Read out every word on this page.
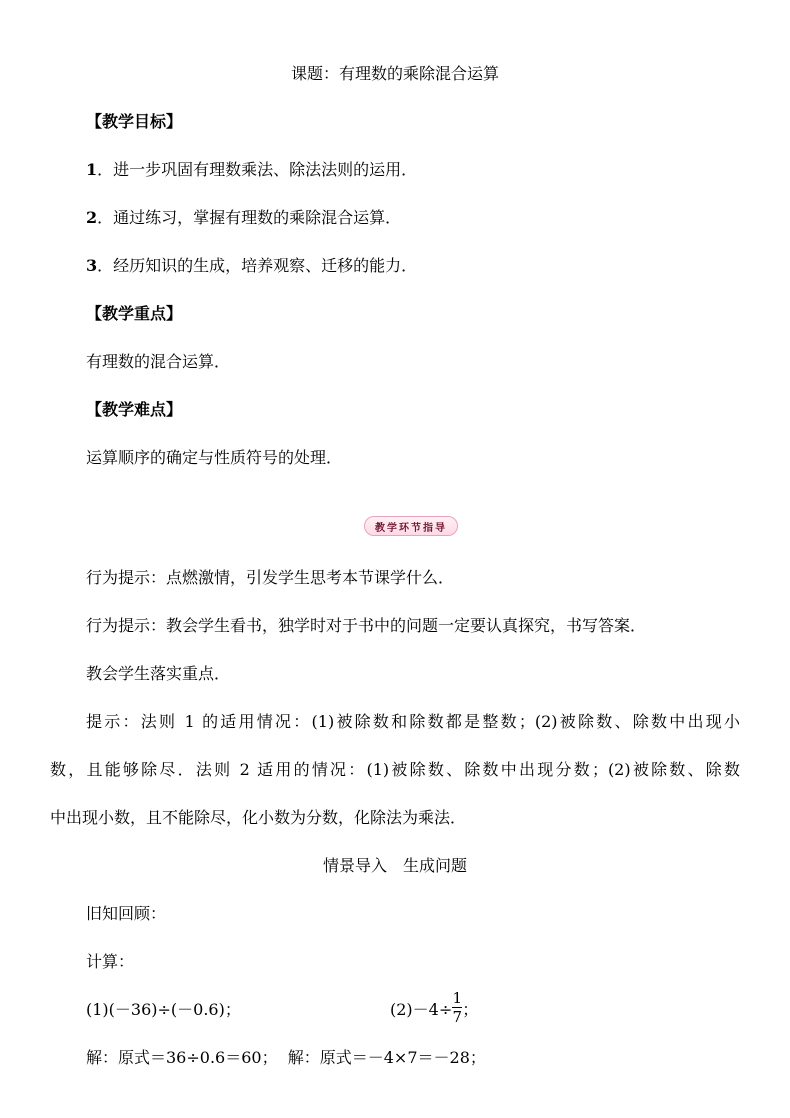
课题：有理数的乘除混合运算
【教学目标】
1．进一步巩固有理数乘法、除法法则的运用．
2．通过练习，掌握有理数的乘除混合运算．
3．经历知识的生成，培养观察、迁移的能力．
【教学重点】
有理数的混合运算．
【教学难点】
运算顺序的确定与性质符号的处理．
教学环节指导
行为提示：点燃激情，引发学生思考本节课学什么．
行为提示：教会学生看书，独学时对于书中的问题一定要认真探究，书写答案．
教会学生落实重点．
提示：法则 1 的适用情况：(1)被除数和除数都是整数；(2)被除数、除数中出现小
数，且能够除尽．法则 2 适用的情况：(1)被除数、除数中出现分数；(2)被除数、除数
中出现小数，且不能除尽，化小数为分数，化除法为乘法．
情景导入　生成问题
旧知回顾：
计算：
(1)(－36)÷(－0.6)；	$(2)-4\div \frac{1}{7}$ ；
解：原式＝36÷0.6＝60；  解：原式＝－4×7＝－28；
